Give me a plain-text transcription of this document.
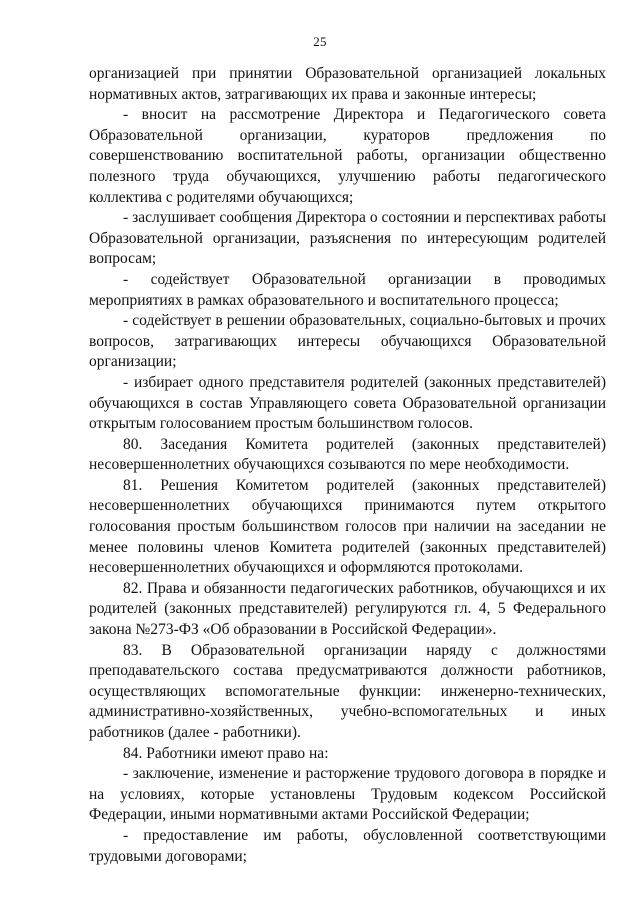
25

организацией при принятии Образовательной организацией локальных нормативных актов, затрагивающих их права и законные интересы;

- вносит на рассмотрение Директора и Педагогического совета Образовательной организации, кураторов предложения по совершенствованию воспитательной работы, организации общественно полезного труда обучающихся, улучшению работы педагогического коллектива с родителями обучающихся;

- заслушивает сообщения Директора о состоянии и перспективах работы Образовательной организации, разъяснения по интересующим родителей вопросам;

- содействует Образовательной организации в проводимых мероприятиях в рамках образовательного и воспитательного процесса;

- содействует в решении образовательных, социально-бытовых и прочих вопросов, затрагивающих интересы обучающихся Образовательной организации;

- избирает одного представителя родителей (законных представителей) обучающихся в состав Управляющего совета Образовательной организации открытым голосованием простым большинством голосов.

80. Заседания Комитета родителей (законных представителей) несовершеннолетних обучающихся созываются по мере необходимости.

81. Решения Комитетом родителей (законных представителей) несовершеннолетних обучающихся принимаются путем открытого голосования простым большинством голосов при наличии на заседании не менее половины членов Комитета родителей (законных представителей) несовершеннолетних обучающихся и оформляются протоколами.

82. Права и обязанности педагогических работников, обучающихся и их родителей (законных представителей) регулируются гл. 4, 5 Федерального закона №273-ФЗ «Об образовании в Российской Федерации».

83. В Образовательной организации наряду с должностями преподавательского состава предусматриваются должности работников, осуществляющих вспомогательные функции: инженерно-технических, административно-хозяйственных, учебно-вспомогательных и иных работников (далее - работники).

84. Работники имеют право на:

- заключение, изменение и расторжение трудового договора в порядке и на условиях, которые установлены Трудовым кодексом Российской Федерации, иными нормативными актами Российской Федерации;

- предоставление им работы, обусловленной соответствующими трудовыми договорами;
